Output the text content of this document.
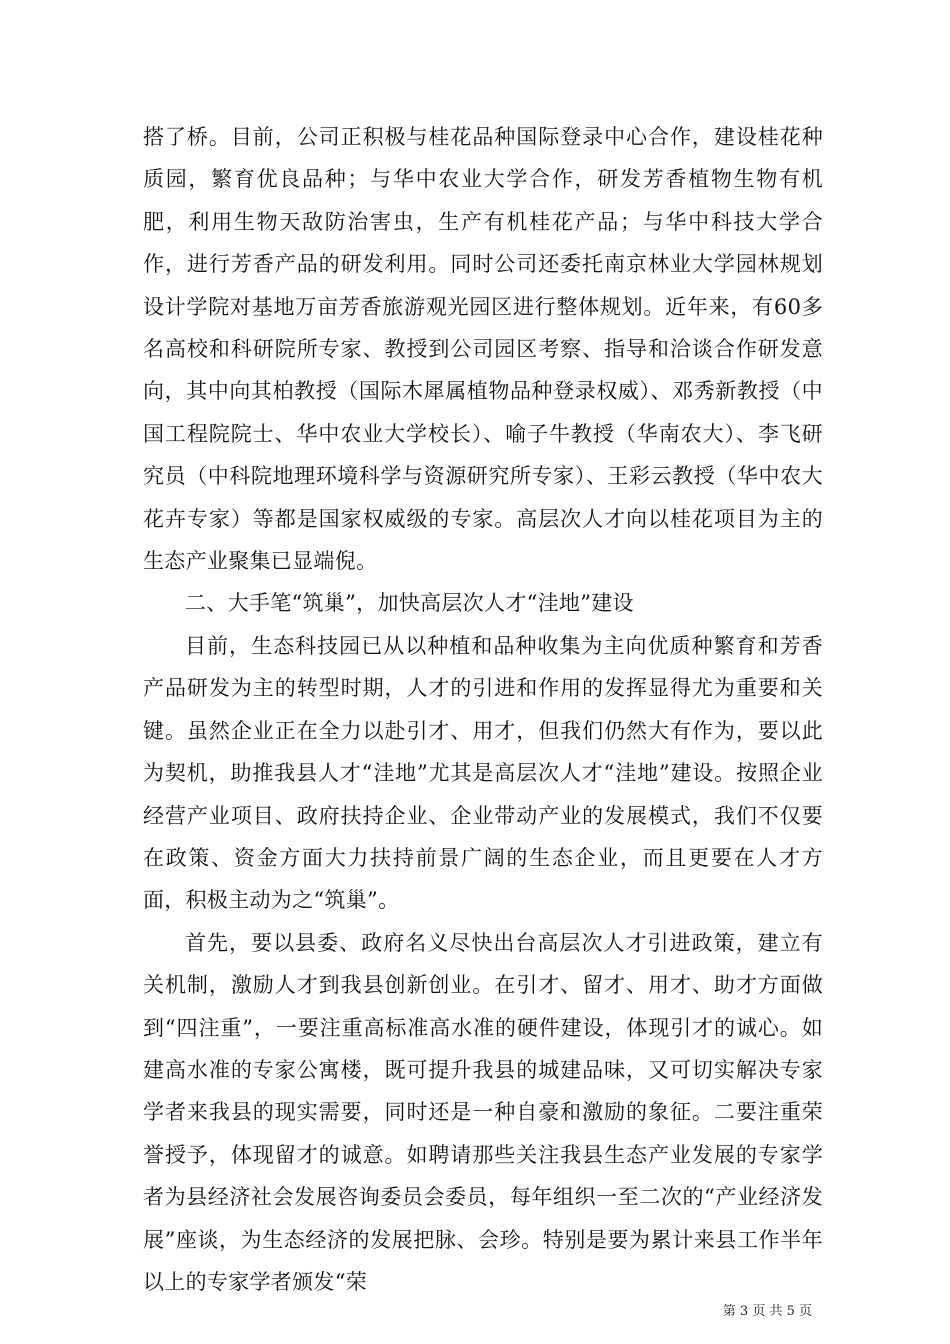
搭了桥。目前，公司正积极与桂花品种国际登录中心合作，建设桂花种质园，繁育优良品种；与华中农业大学合作，研发芳香植物生物有机肥，利用生物天敌防治害虫，生产有机桂花产品；与华中科技大学合作，进行芳香产品的研发利用。同时公司还委托南京林业大学园林规划设计学院对基地万亩芳香旅游观光园区进行整体规划。近年来，有60多名高校和科研院所专家、教授到公司园区考察、指导和洽谈合作研发意向，其中向其柏教授（国际木犀属植物品种登录权威）、邓秀新教授（中国工程院院士、华中农业大学校长）、喻子牛教授（华南农大）、李飞研究员（中科院地理环境科学与资源研究所专家）、王彩云教授（华中农大花卉专家）等都是国家权威级的专家。高层次人才向以桂花项目为主的生态产业聚集已显端倪。

二、大手笔“筑巢”，加快高层次人才“洼地”建设

目前，生态科技园已从以种植和品种收集为主向优质种繁育和芳香产品研发为主的转型时期，人才的引进和作用的发挥显得尤为重要和关键。虽然企业正在全力以赴引才、用才，但我们仍然大有作为，要以此为契机，助推我县人才“洼地”尤其是高层次人才“洼地”建设。按照企业经营产业项目、政府扶持企业、企业带动产业的发展模式，我们不仅要在政策、资金方面大力扶持前景广阔的生态企业，而且更要在人才方面，积极主动为之“筑巢”。

首先，要以县委、政府名义尽快出台高层次人才引进政策，建立有关机制，激励人才到我县创新创业。在引才、留才、用才、助才方面做到“四注重”，一要注重高标准高水准的硬件建设，体现引才的诚心。如建高水准的专家公寓楼，既可提升我县的城建品味，又可切实解决专家学者来我县的现实需要，同时还是一种自豪和激励的象征。二要注重荣誉授予，体现留才的诚意。如聘请那些关注我县生态产业发展的专家学者为县经济社会发展咨询委员会委员，每年组织一至二次的“产业经济发展”座谈，为生态经济的发展把脉、会珍。特别是要为累计来县工作半年以上的专家学者颁发“荣

第 3 页 共 5 页
